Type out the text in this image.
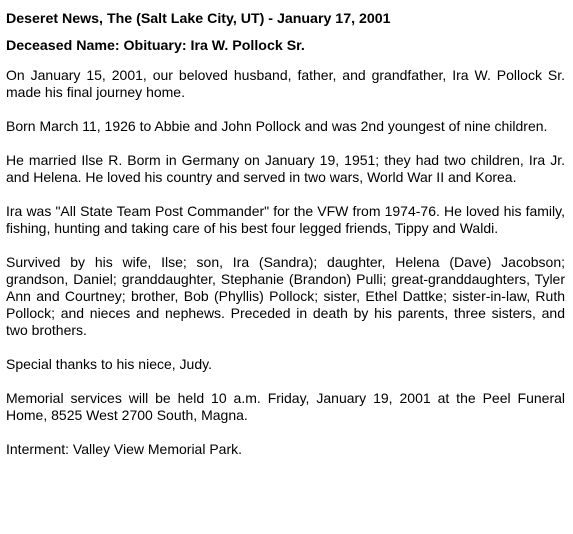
Deseret News, The (Salt Lake City, UT) - January 17, 2001

Deceased Name: Obituary: Ira W. Pollock Sr.

On January 15, 2001, our beloved husband, father, and grandfather, Ira W. Pollock Sr. made his final journey home.

Born March 11, 1926 to Abbie and John Pollock and was 2nd youngest of nine children.

He married Ilse R. Borm in Germany on January 19, 1951; they had two children, Ira Jr. and Helena. He loved his country and served in two wars, World War II and Korea.

Ira was "All State Team Post Commander" for the VFW from 1974-76. He loved his family, fishing, hunting and taking care of his best four legged friends, Tippy and Waldi.

Survived by his wife, Ilse; son, Ira (Sandra); daughter, Helena (Dave) Jacobson; grandson, Daniel; granddaughter, Stephanie (Brandon) Pulli; great-granddaughters, Tyler Ann and Courtney; brother, Bob (Phyllis) Pollock; sister, Ethel Dattke; sister-in-law, Ruth Pollock; and nieces and nephews. Preceded in death by his parents, three sisters, and two brothers.

Special thanks to his niece, Judy.

Memorial services will be held 10 a.m. Friday, January 19, 2001 at the Peel Funeral Home, 8525 West 2700 South, Magna.

Interment: Valley View Memorial Park.
